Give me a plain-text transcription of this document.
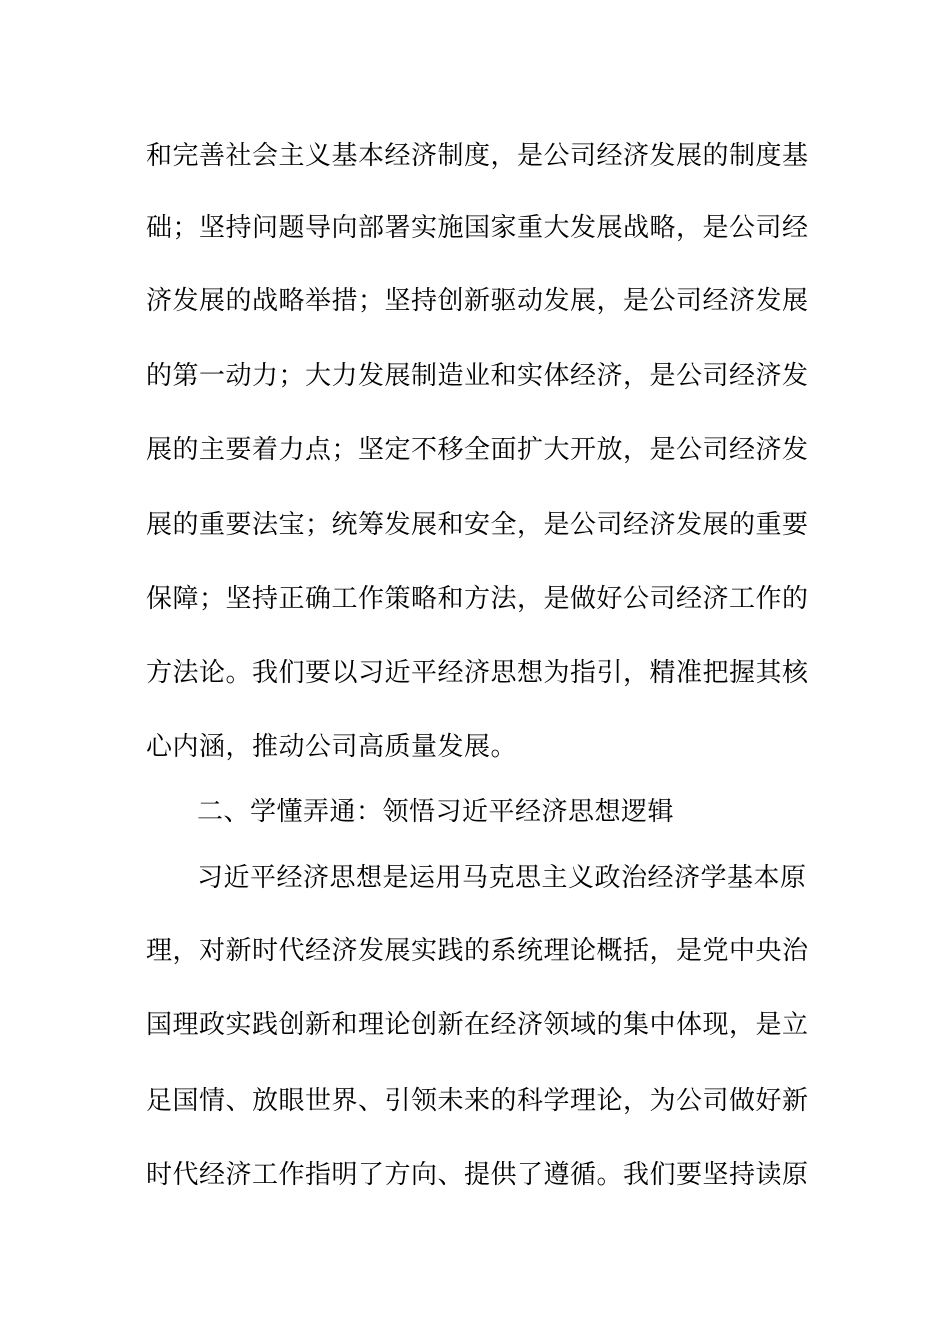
和完善社会主义基本经济制度，是公司经济发展的制度基
础；坚持问题导向部署实施国家重大发展战略，是公司经
济发展的战略举措；坚持创新驱动发展，是公司经济发展
的第一动力；大力发展制造业和实体经济，是公司经济发
展的主要着力点；坚定不移全面扩大开放，是公司经济发
展的重要法宝；统筹发展和安全，是公司经济发展的重要
保障；坚持正确工作策略和方法，是做好公司经济工作的
方法论。我们要以习近平经济思想为指引，精准把握其核
心内涵，推动公司高质量发展。
二、学懂弄通：领悟习近平经济思想逻辑
习近平经济思想是运用马克思主义政治经济学基本原
理，对新时代经济发展实践的系统理论概括，是党中央治
国理政实践创新和理论创新在经济领域的集中体现，是立
足国情、放眼世界、引领未来的科学理论，为公司做好新
时代经济工作指明了方向、提供了遵循。我们要坚持读原
